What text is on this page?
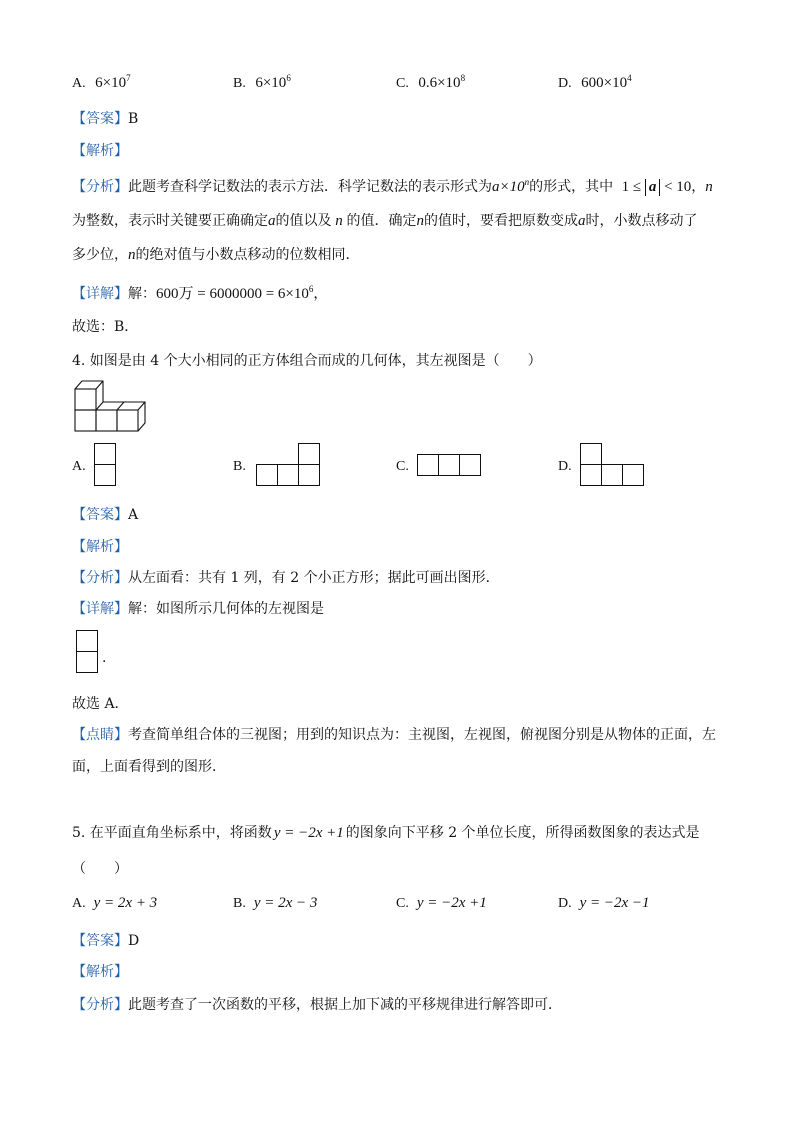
A. $6\times 10^7$	B. $6\times 10^6$	C. $0.6\times 10^8$	D. $600\times 10^4$
【答案】B
【解析】
【分析】此题考查科学记数法的表示方法．科学记数法的表示形式为$a\times 10^n$的形式，其中 1 ≤ a < 10，n
为整数，表示时关键要正确确定a的值以及 n 的值．确定n的值时，要看把原数变成a时，小数点移动了
多少位，n的绝对值与小数点移动的位数相同．
【详解】解：600万 = $6000000 = 6\times 10^6$，
故选：B．
4. 如图是由 4 个大小相同的正方体组合而成的几何体，其左视图是（　　）
A.	B.	C.	D.
【答案】A
【解析】
【分析】从左面看：共有 1 列，有 2 个小正方形；据此可画出图形．
【详解】解：如图所示几何体的左视图是
.
故选 A．
【点睛】考查简单组合体的三视图；用到的知识点为：主视图，左视图，俯视图分别是从物体的正面，左
面，上面看得到的图形．
5. 在平面直角坐标系中，将函数 y = −2x +1 的图象向下平移 2 个单位长度，所得函数图象的表达式是
（　　）
A. y = 2x + 3	B. y = 2x − 3	C. y = −2x +1	D. y = −2x −1
【答案】D
【解析】
【分析】此题考查了一次函数的平移，根据上加下减的平移规律进行解答即可．
